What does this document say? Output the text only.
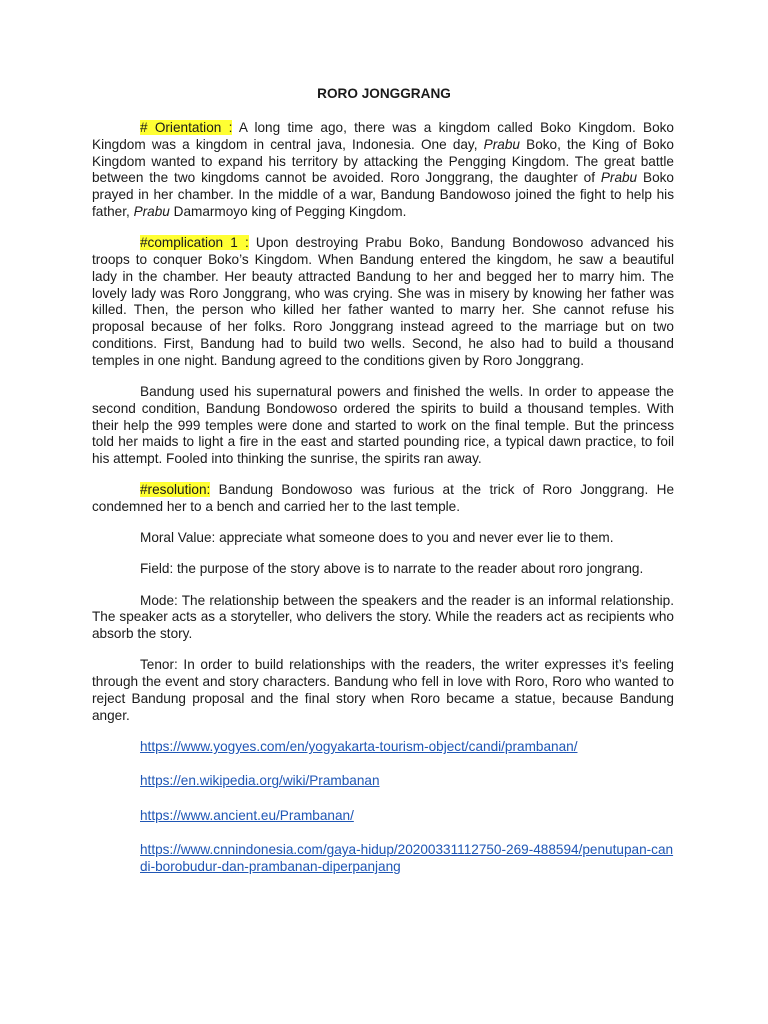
RORO JONGGRANG

# Orientation : A long time ago, there was a kingdom called Boko Kingdom. Boko Kingdom was a kingdom in central java, Indonesia. One day, Prabu Boko, the King of Boko Kingdom wanted to expand his territory by attacking the Pengging Kingdom. The great battle between the two kingdoms cannot be avoided. Roro Jonggrang, the daughter of Prabu Boko prayed in her chamber. In the middle of a war, Bandung Bandowoso joined the fight to help his father, Prabu Damarmoyo king of Pegging Kingdom.

#complication 1 : Upon destroying Prabu Boko, Bandung Bondowoso advanced his troops to conquer Boko’s Kingdom. When Bandung entered the kingdom, he saw a beautiful lady in the chamber. Her beauty attracted Bandung to her and begged her to marry him. The lovely lady was Roro Jonggrang, who was crying. She was in misery by knowing her father was killed. Then, the person who killed her father wanted to marry her. She cannot refuse his proposal because of her folks. Roro Jonggrang instead agreed to the marriage but on two conditions. First, Bandung had to build two wells. Second, he also had to build a thousand temples in one night. Bandung agreed to the conditions given by Roro Jonggrang.

Bandung used his supernatural powers and finished the wells. In order to appease the second condition, Bandung Bondowoso ordered the spirits to build a thousand temples. With their help the 999 temples were done and started to work on the final temple. But the princess told her maids to light a fire in the east and started pounding rice, a typical dawn practice, to foil his attempt. Fooled into thinking the sunrise, the spirits ran away.

#resolution: Bandung Bondowoso was furious at the trick of Roro Jonggrang. He condemned her to a bench and carried her to the last temple.

Moral Value: appreciate what someone does to you and never ever lie to them.

Field: the purpose of the story above is to narrate to the reader about roro jongrang.

Mode: The relationship between the speakers and the reader is an informal relationship. The speaker acts as a storyteller, who delivers the story. While the readers act as recipients who absorb the story.

Tenor: In order to build relationships with the readers, the writer expresses it’s feeling through the event and story characters. Bandung who fell in love with Roro, Roro who wanted to reject Bandung proposal and the final story when Roro became a statue, because Bandung anger.

https://www.yogyes.com/en/yogyakarta-tourism-object/candi/prambanan/
https://en.wikipedia.org/wiki/Prambanan
https://www.ancient.eu/Prambanan/
https://www.cnnindonesia.com/gaya-hidup/20200331112750-269-488594/penutupan-candi-borobudur-dan-prambanan-diperpanjang
